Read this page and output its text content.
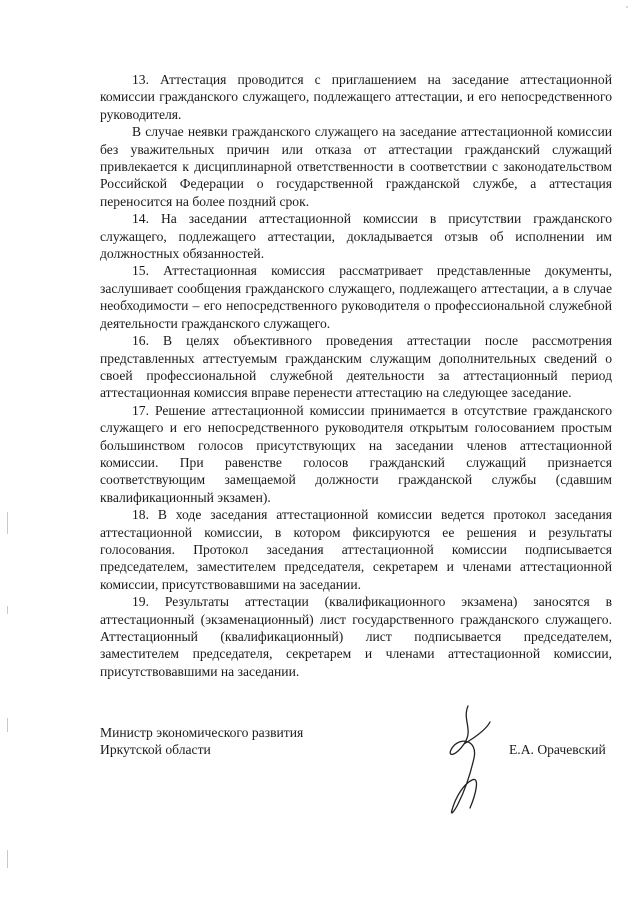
13. Аттестация проводится с приглашением на заседание аттестационной комиссии гражданского служащего, подлежащего аттестации, и его непосредственного руководителя.

В случае неявки гражданского служащего на заседание аттестационной комиссии без уважительных причин или отказа от аттестации гражданский служащий привлекается к дисциплинарной ответственности в соответствии с законодательством Российской Федерации о государственной гражданской службе, а аттестация переносится на более поздний срок.

14. На заседании аттестационной комиссии в присутствии гражданского служащего, подлежащего аттестации, докладывается отзыв об исполнении им должностных обязанностей.

15. Аттестационная комиссия рассматривает представленные документы, заслушивает сообщения гражданского служащего, подлежащего аттестации, а в случае необходимости – его непосредственного руководителя о профессиональной служебной деятельности гражданского служащего.

16. В целях объективного проведения аттестации после рассмотрения представленных аттестуемым гражданским служащим дополнительных сведений о своей профессиональной служебной деятельности за аттестационный период аттестационная комиссия вправе перенести аттестацию на следующее заседание.

17. Решение аттестационной комиссии принимается в отсутствие гражданского служащего и его непосредственного руководителя открытым голосованием простым большинством голосов присутствующих на заседании членов аттестационной комиссии. При равенстве голосов гражданский служащий признается соответствующим замещаемой должности гражданской службы (сдавшим квалификационный экзамен).

18. В ходе заседания аттестационной комиссии ведется протокол заседания аттестационной комиссии, в котором фиксируются ее решения и результаты голосования. Протокол заседания аттестационной комиссии подписывается председателем, заместителем председателя, секретарем и членами аттестационной комиссии, присутствовавшими на заседании.

19. Результаты аттестации (квалификационного экзамена) заносятся в аттестационный (экзаменационный) лист государственного гражданского служащего. Аттестационный (квалификационный) лист подписывается председателем, заместителем председателя, секретарем и членами аттестационной комиссии, присутствовавшими на заседании.

Министр экономического развития
Иркутской области	Е.А. Орачевский
